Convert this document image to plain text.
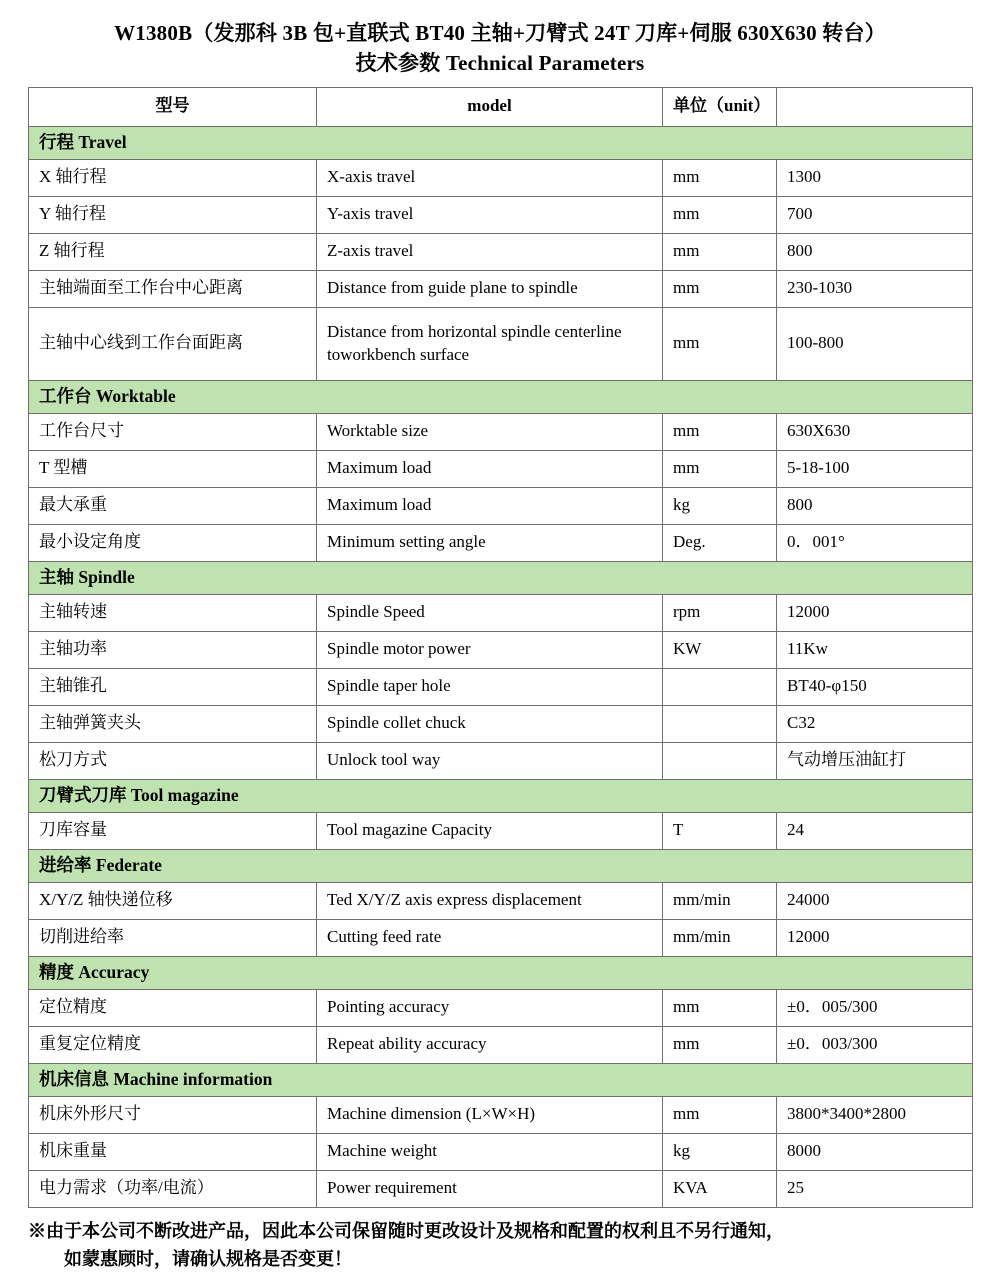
W1380B（发那科 3B 包+直联式 BT40 主轴+刀臂式 24T 刀库+伺服 630X630 转台）
技术参数 Technical Parameters
型号	model	单位（unit）	
行程 Travel			
X 轴行程	X-axis travel	mm	1300
Y 轴行程	Y-axis travel	mm	700
Z 轴行程	Z-axis travel	mm	800
主轴端面至工作台中心距离	Distance from guide plane to spindle	mm	230-1030
主轴中心线到工作台面距离	Distance from horizontal spindle centerline toworkbench surface	mm	100-800
工作台 Worktable			
工作台尺寸	Worktable size	mm	630X630
T 型槽	Maximum load	mm	5-18-100
最大承重	Maximum load	kg	800
最小设定角度	Minimum setting angle	Deg.	0．001°
主轴 Spindle			
主轴转速	Spindle Speed	rpm	12000
主轴功率	Spindle motor power	KW	11Kw
主轴锥孔	Spindle taper hole		BT40-φ150
主轴弹簧夹头	Spindle collet chuck		C32
松刀方式	Unlock tool way		气动增压油缸打
刀臂式刀库 Tool magazine			
刀库容量	Tool magazine Capacity	T	24
进给率 Federate			
X/Y/Z 轴快递位移	Ted X/Y/Z axis express displacement	mm/min	24000
切削进给率	Cutting feed rate	mm/min	12000
精度 Accuracy			
定位精度	Pointing accuracy	mm	±0．005/300
重复定位精度	Repeat ability accuracy	mm	±0．003/300
机床信息 Machine information			
机床外形尺寸	Machine dimension (L×W×H)	mm	3800*3400*2800
机床重量	Machine weight	kg	8000
电力需求（功率/电流）	Power requirement	KVA	25
※由于本公司不断改进产品，因此本公司保留随时更改设计及规格和配置的权利且不另行通知，
如蒙惠顾时，请确认规格是否变更！
